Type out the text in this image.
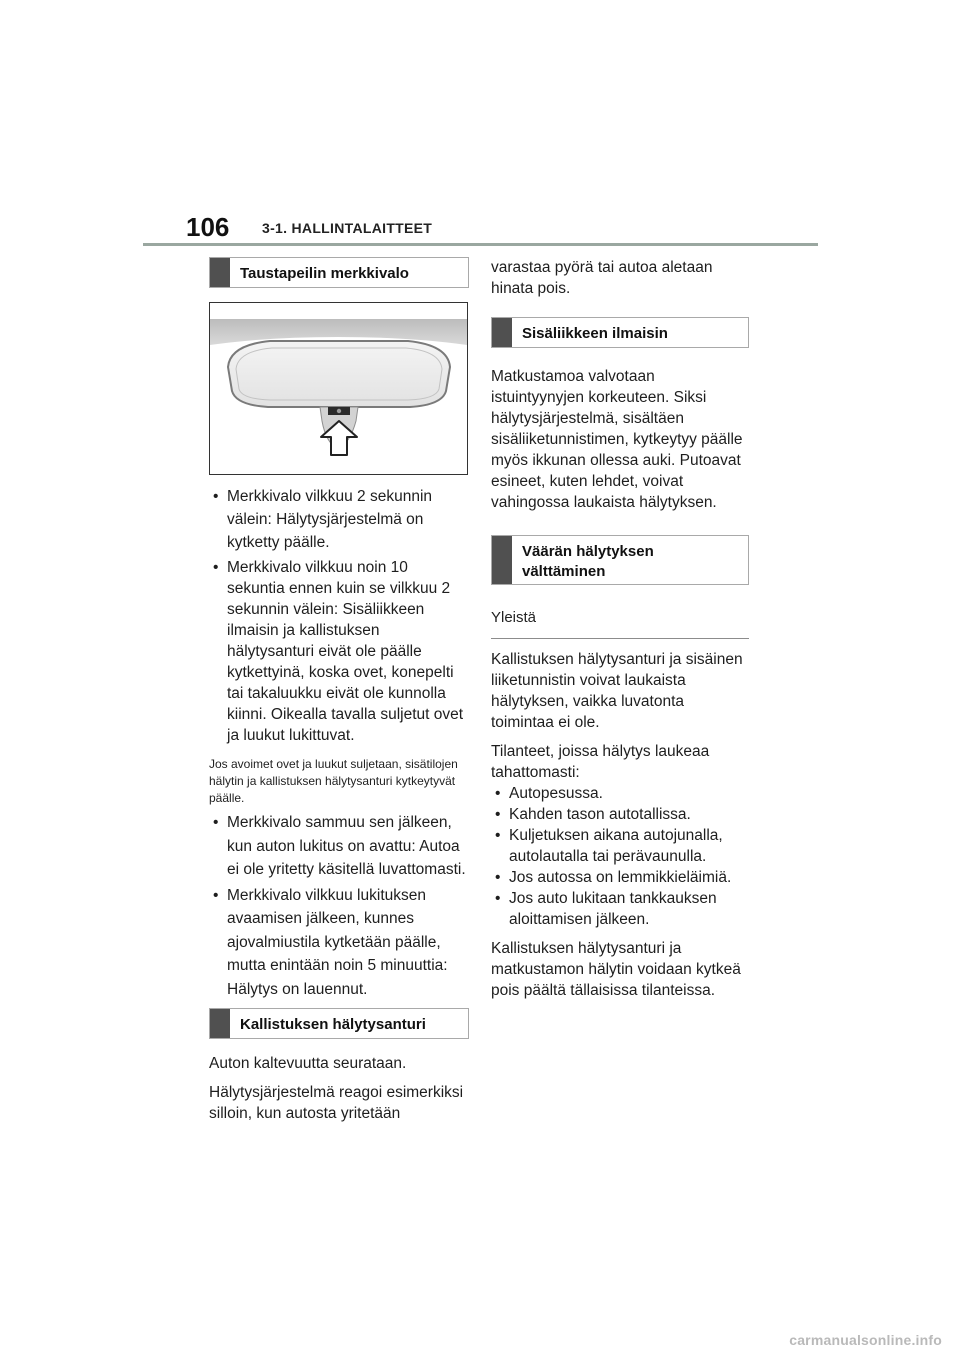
106 3-1. HALLINTALAITTEET
Taustapeilin merkkivalo
• Merkkivalo vilkkuu 2 sekunnin välein: Hälytysjärjestelmä on kytketty päälle.
• Merkkivalo vilkkuu noin 10 sekuntia ennen kuin se vilkkuu 2 sekunnin välein: Sisäliikkeen ilmaisin ja kallistuksen hälytysanturi eivät ole päälle kytkettyinä, koska ovet, konepelti tai takaluukku eivät ole kunnolla kiinni. Oikealla tavalla suljetut ovet ja luukut lukittuvat.

Jos avoimet ovet ja luukut suljetaan, sisätilojen hälytin ja kallistuksen hälytysanturi kytkeytyvät päälle.

• Merkkivalo sammuu sen jälkeen, kun auton lukitus on avattu: Autoa ei ole yritetty käsitellä luvattomasti.
• Merkkivalo vilkkuu lukituksen avaamisen jälkeen, kunnes ajovalmiustila kytketään päälle, mutta enintään noin 5 minuuttia: Hälytys on lauennut.
Kallistuksen hälytysanturi

Auton kaltevuutta seurataan.

Hälytysjärjestelmä reagoi esimerkiksi silloin, kun autosta yritetään

varastaa pyörä tai autoa aletaan hinata pois.

Sisäliikkeen ilmaisin

Matkustamoa valvotaan istuintyynyjen korkeuteen. Siksi hälytysjärjestelmä, sisältäen sisäliiketunnistimen, kytkeytyy päälle myös ikkunan ollessa auki. Putoavat esineet, kuten lehdet, voivat vahingossa laukaista hälytyksen.

Väärän hälytyksen välttäminen
Yleistä

Kallistuksen hälytysanturi ja sisäinen liiketunnistin voivat laukaista hälytyksen, vaikka luvatonta toimintaa ei ole.

Tilanteet, joissa hälytys laukeaa tahattomasti:

• Autopesussa.
• Kahden tason autotallissa.
• Kuljetuksen aikana autojunalla, autolautalla tai perävaunulla.
• Jos autossa on lemmikkieläimiä.
• Jos auto lukitaan tankkauksen aloittamisen jälkeen.

Kallistuksen hälytysanturi ja matkustamon hälytin voidaan kytkeä pois päältä tällaisissa tilanteissa.

carmanualsonline.info
